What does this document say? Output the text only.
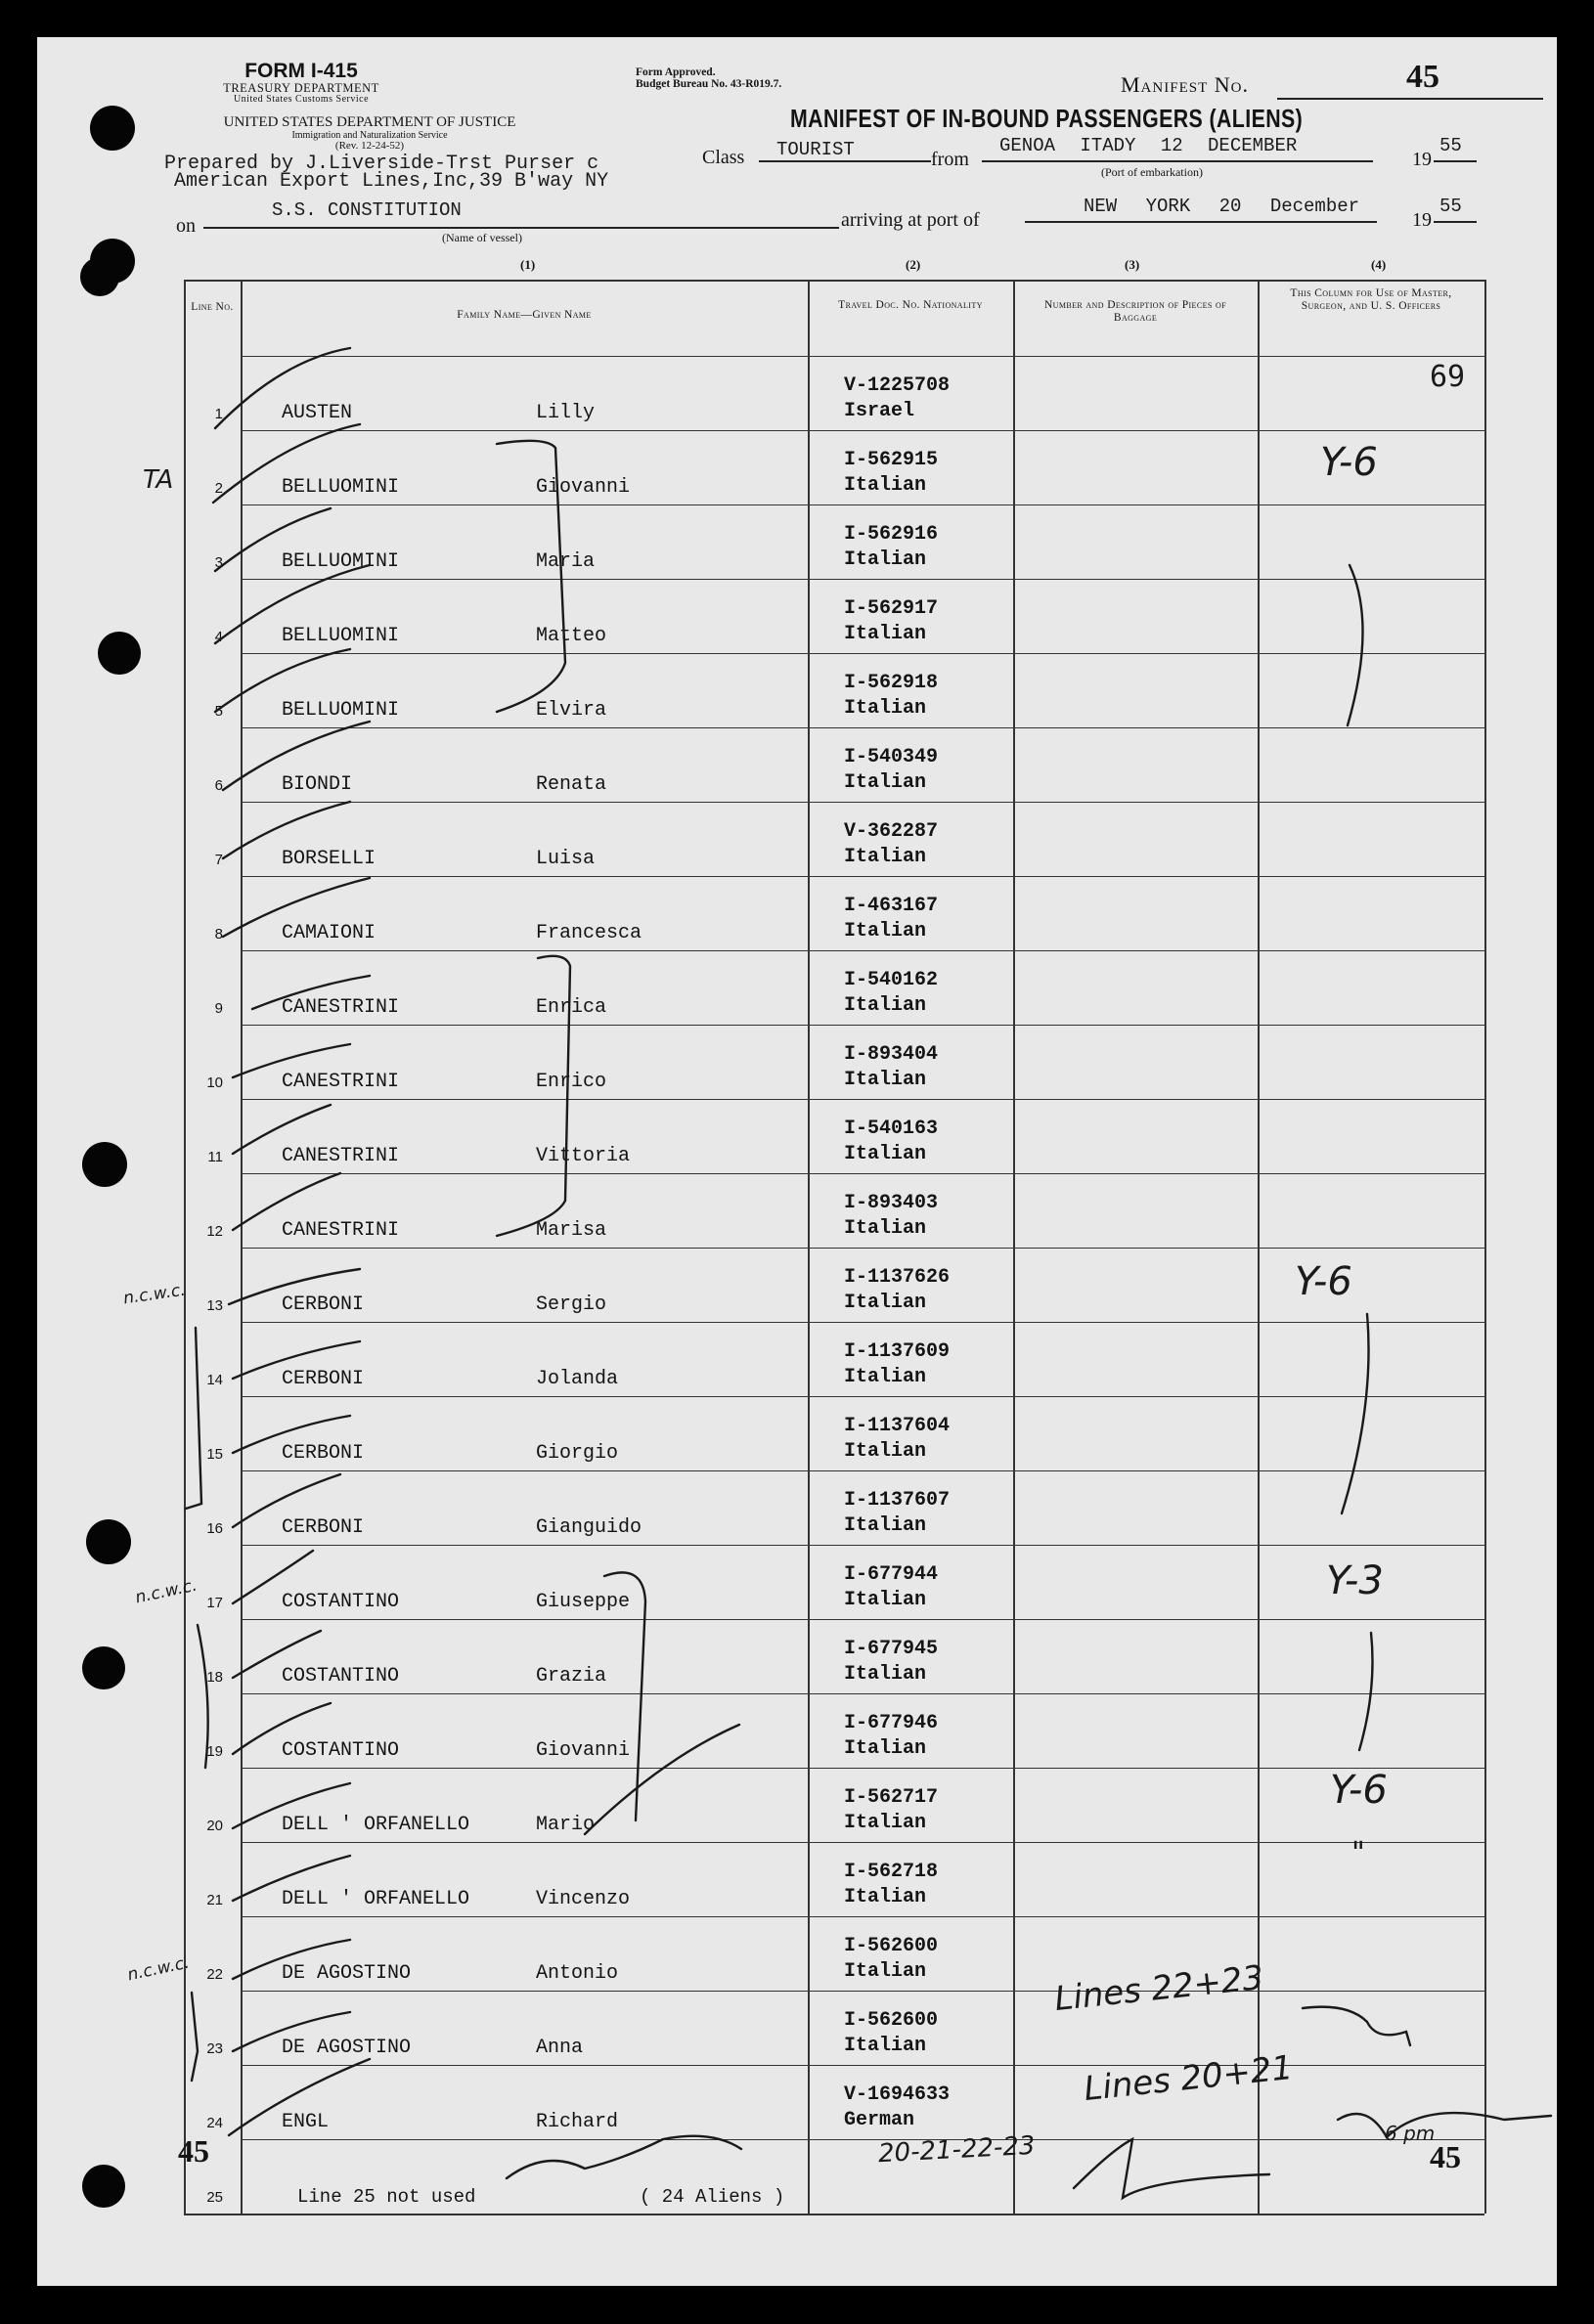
FORM I-415
TREASURY DEPARTMENT
United States Customs Service
UNITED STATES DEPARTMENT OF JUSTICE
Immigration and Naturalization Service
(Rev. 12-24-52)
Form Approved.
Budget Bureau No. 43-R019.7.	Manifest No.	45
MANIFEST OF IN-BOUND PASSENGERS (ALIENS)
Prepared by J.Liverside-Trst Purser c
American Export Lines,Inc,39 B'way NY
Class TOURIST	from
GENOA ITADY 12 DECEMBER
(Port of embarkation)
19
55
on
S.S. CONSTITUTION
(Name of vessel)
arriving at port of
NEW YORK 20 December
19
55
(1)	(2)	(3)	(4)
Line No.
Family Name—Given Name
Travel Doc. No. Nationality	Number and Description of Pieces of Baggage
This Column for Use of Master, Surgeon, and U. S. Officers
1	AUSTEN	Lilly
V-1225708
Israel
2	BELLUOMINI	Giovanni
I-562915
Italian
3	BELLUOMINI	Maria
I-562916
Italian
4	BELLUOMINI	Matteo
I-562917
Italian
5	BELLUOMINI	Elvira
I-562918
Italian
6	BIONDI	Renata
I-540349
Italian
7	BORSELLI	Luisa
V-362287
Italian
8	CAMAIONI	Francesca
I-463167
Italian
9	CANESTRINI	Enrica
I-540162
Italian
10	CANESTRINI	Enrico
I-893404
Italian
11	CANESTRINI	Vittoria
I-540163
Italian
12	CANESTRINI	Marisa
I-893403
Italian
13	CERBONI	Sergio
I-1137626
Italian
14	CERBONI	Jolanda
I-1137609
Italian
15	CERBONI	Giorgio
I-1137604
Italian
16	CERBONI	Gianguido
I-1137607
Italian
17	COSTANTINO	Giuseppe
I-677944
Italian
18	COSTANTINO	Grazia
I-677945
Italian
19	COSTANTINO	Giovanni
I-677946
Italian
20	DELL ' ORFANELLO	Mario
I-562717
Italian
21	DELL ' ORFANELLO	Vincenzo
I-562718
Italian
22	DE AGOSTINO	Antonio
I-562600
Italian
23	DE AGOSTINO	Anna
I-562600
Italian
24	ENGL	Richard
V-1694633
German
25	Line 25 not used	( 24 Aliens )
45	45
69
TA	Y-6
Y-6
Y-3
Y-6
"
n.c.w.c.
n.c.w.c.
n.c.w.c.	Lines 22+23
Lines 20+21
20-21-22-23	6 pm
